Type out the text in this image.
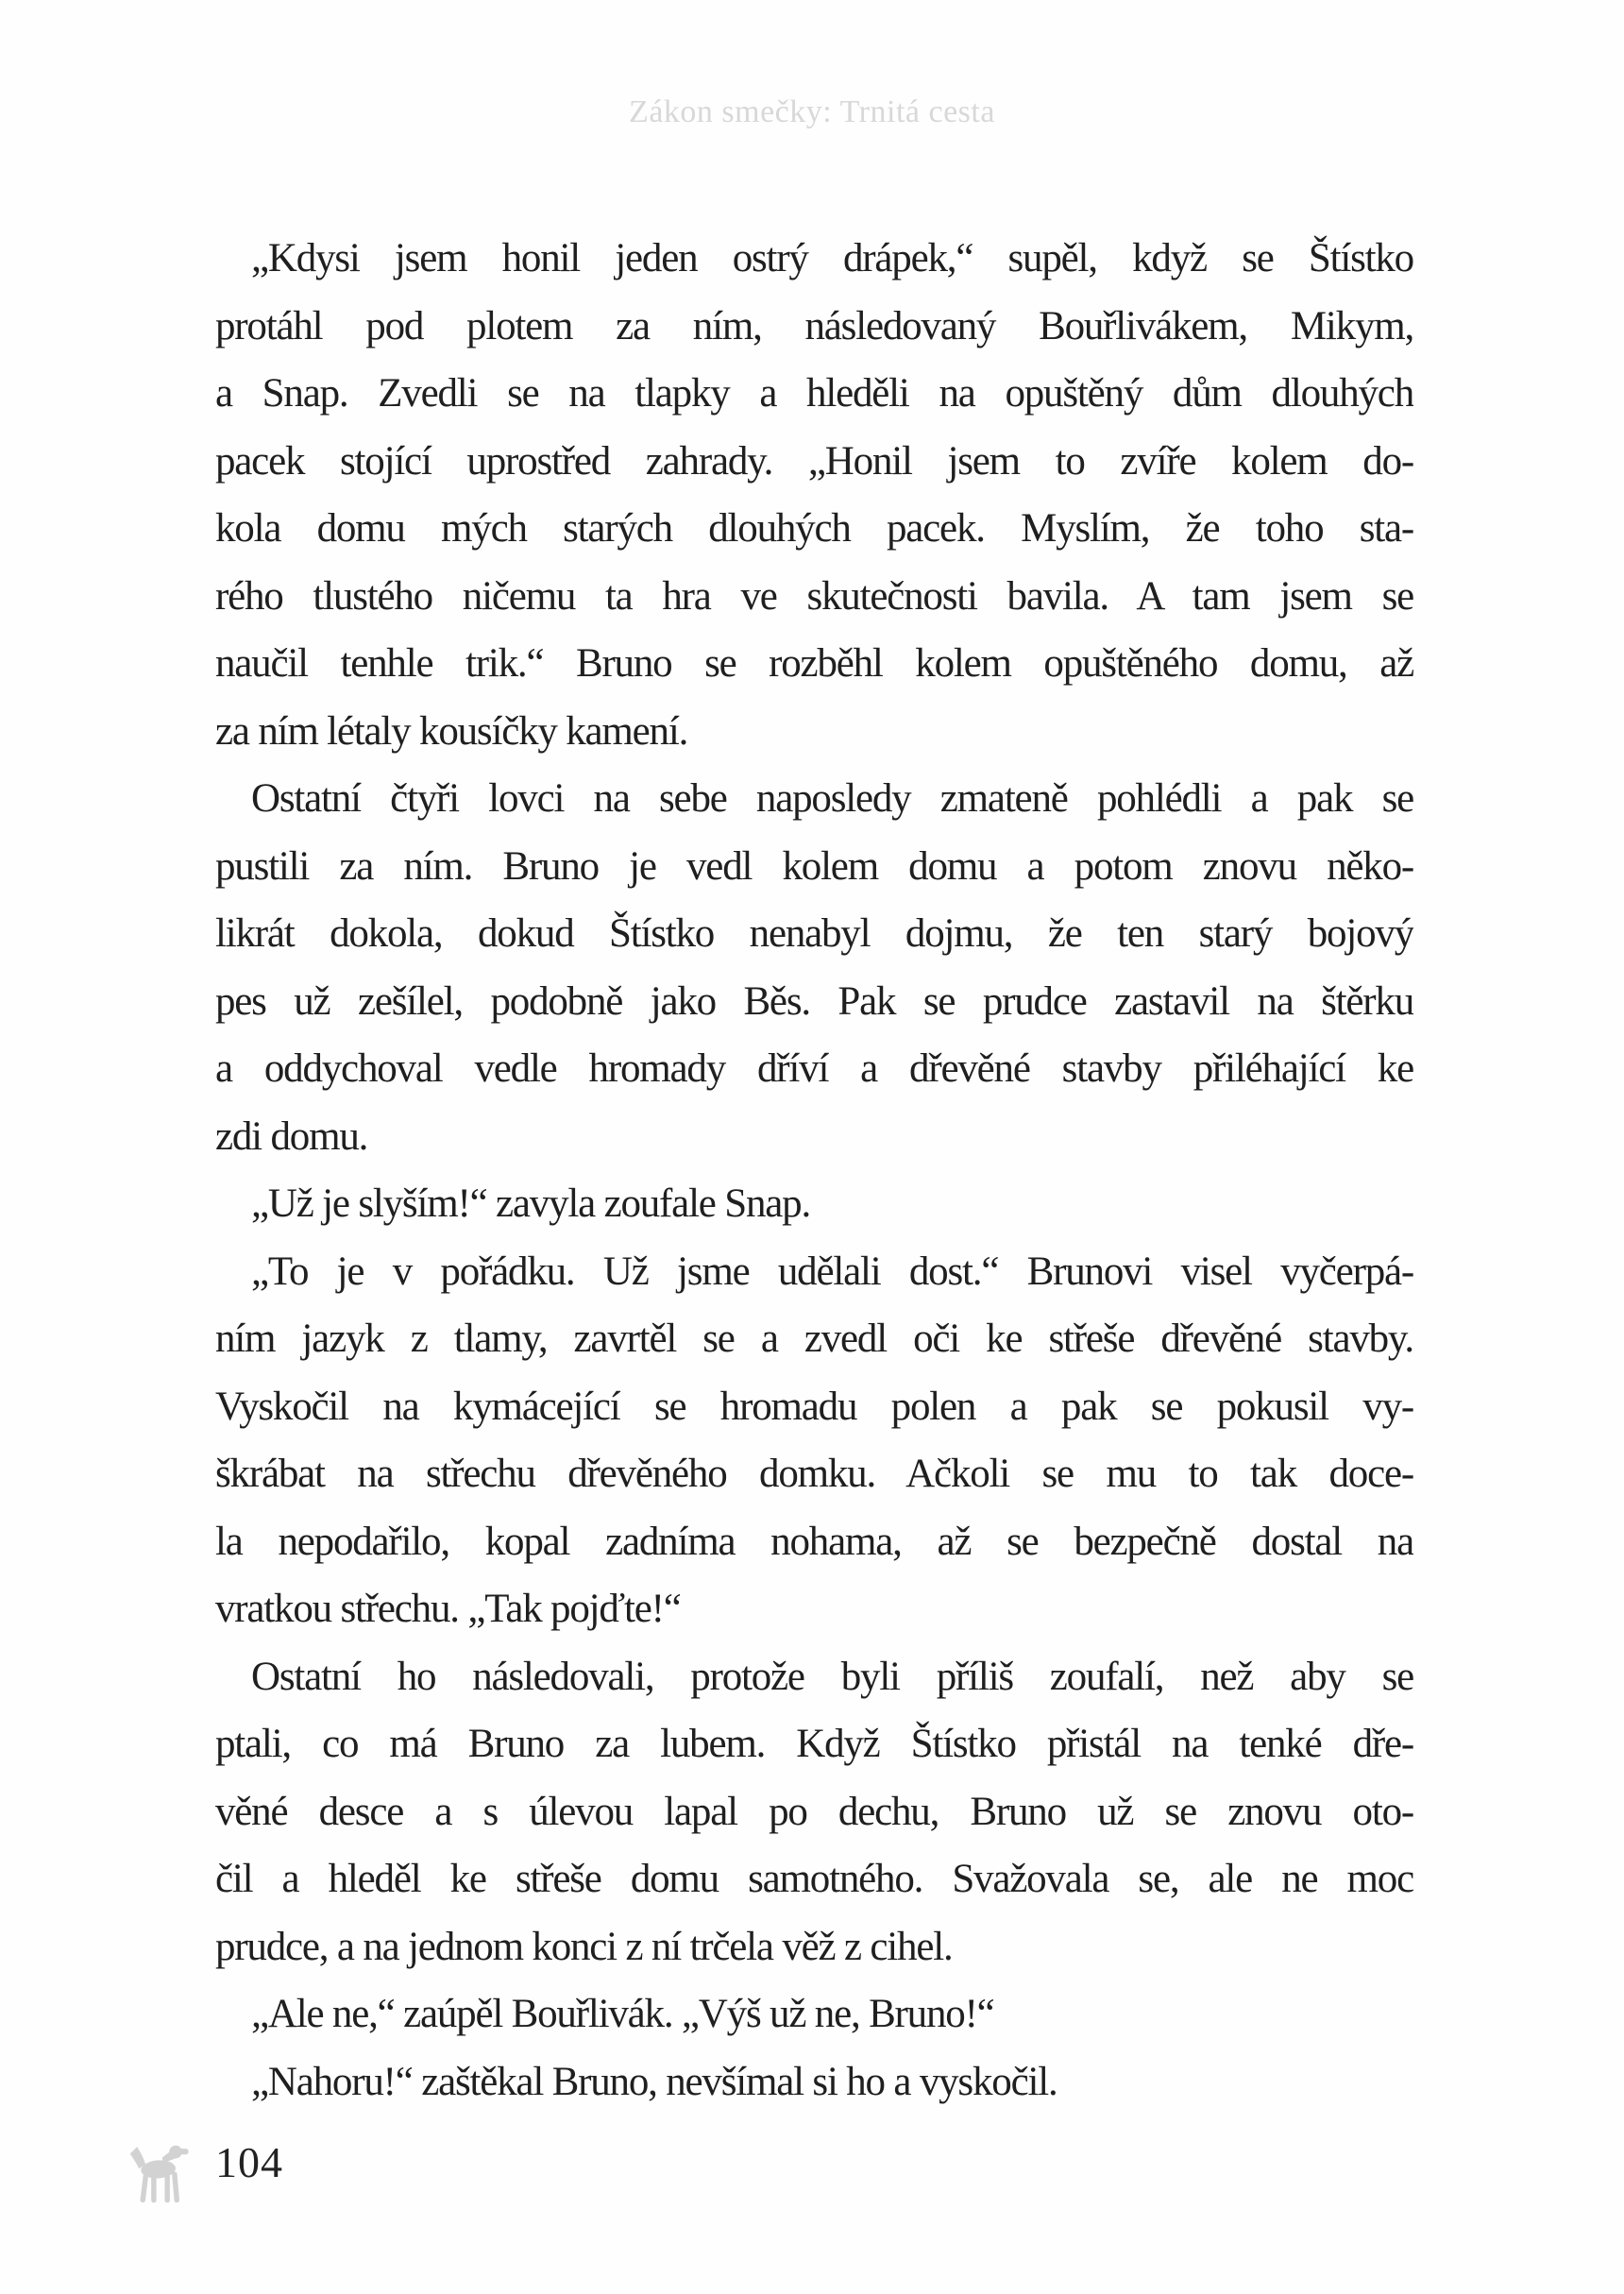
Zákon smečky: Trnitá cesta
„Kdysi jsem honil jeden ostrý drápek,“ supěl, když se Štístko
protáhl pod plotem za ním, následovaný Bouřlivákem, Mikym,
a Snap. Zvedli se na tlapky a hleděli na opuštěný dům dlouhých
pacek stojící uprostřed zahrady. „Honil jsem to zvíře kolem do-
kola domu mých starých dlouhých pacek. Myslím, že toho sta-
rého tlustého ničemu ta hra ve skutečnosti bavila. A tam jsem se
naučil tenhle trik.“ Bruno se rozběhl kolem opuštěného domu, až
za ním létaly kousíčky kamení.
Ostatní čtyři lovci na sebe naposledy zmateně pohlédli a pak se
pustili za ním. Bruno je vedl kolem domu a potom znovu něko-
likrát dokola, dokud Štístko nenabyl dojmu, že ten starý bojový
pes už zešílel, podobně jako Běs. Pak se prudce zastavil na štěrku
a oddychoval vedle hromady dříví a dřevěné stavby přiléhající ke
zdi domu.
„Už je slyším!“ zavyla zoufale Snap.
„To je v pořádku. Už jsme udělali dost.“ Brunovi visel vyčerpá-
ním jazyk z tlamy, zavrtěl se a zvedl oči ke střeše dřevěné stavby.
Vyskočil na kymácející se hromadu polen a pak se pokusil vy-
škrábat na střechu dřevěného domku. Ačkoli se mu to tak doce-
la nepodařilo, kopal zadníma nohama, až se bezpečně dostal na
vratkou střechu. „Tak pojďte!“
Ostatní ho následovali, protože byli příliš zoufalí, než aby se
ptali, co má Bruno za lubem. Když Štístko přistál na tenké dře-
věné desce a s úlevou lapal po dechu, Bruno už se znovu oto-
čil a hleděl ke střeše domu samotného. Svažovala se, ale ne moc
prudce, a na jednom konci z ní trčela věž z cihel.
„Ale ne,“ zaúpěl Bouřlivák. „Výš už ne, Bruno!“
„Nahoru!“ zaštěkal Bruno, nevšímal si ho a vyskočil.
104
